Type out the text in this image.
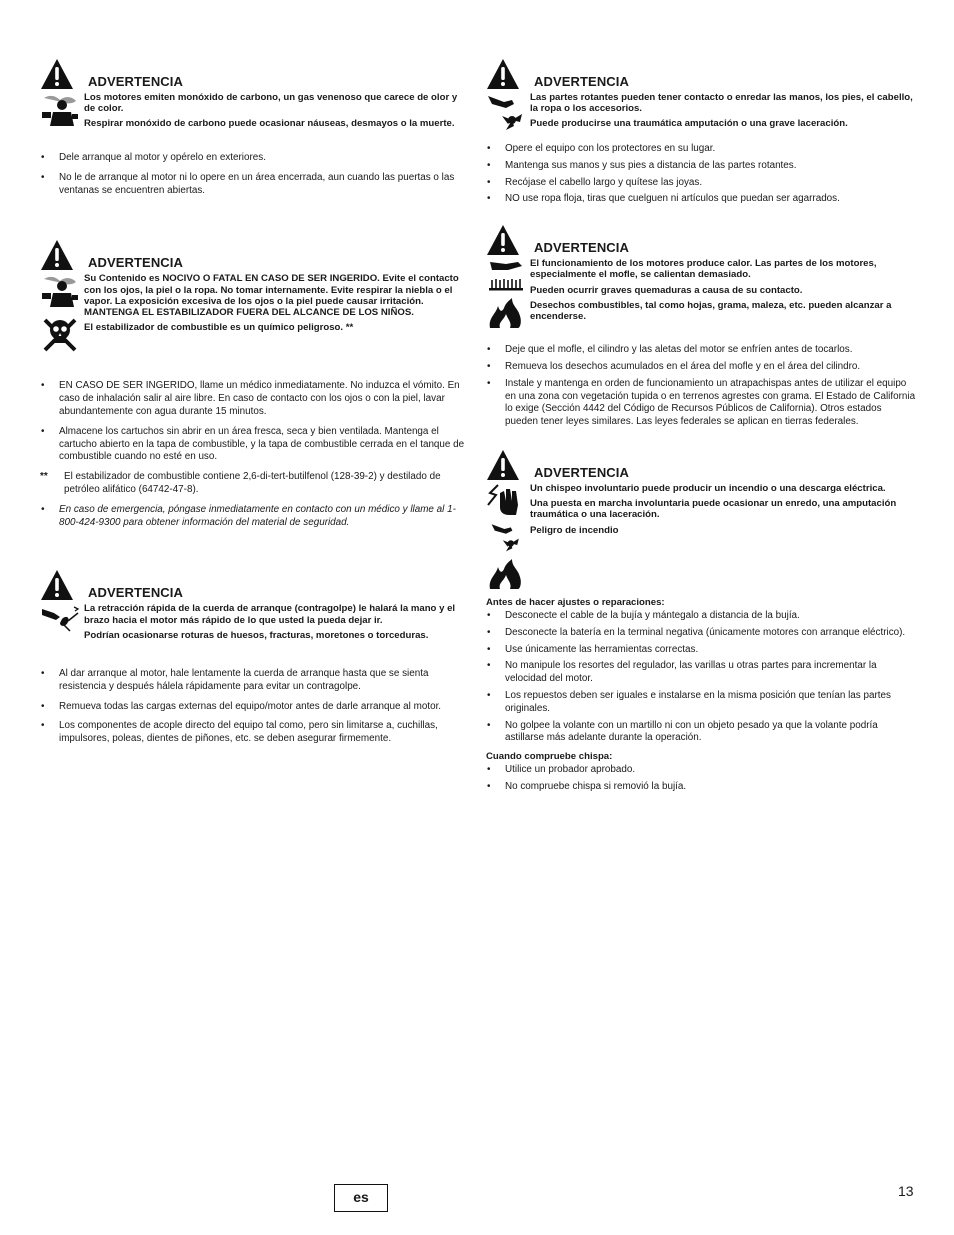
ADVERTENCIA

Los motores emiten monóxido de carbono, un gas venenoso que carece de olor y de color.

Respirar monóxido de carbono puede ocasionar náuseas, desmayos o la muerte.

• Dele arranque al motor y opérelo en exteriores.
• No le de arranque al motor ni lo opere en un área encerrada, aun cuando las puertas o las ventanas se encuentren abiertas.
ADVERTENCIA

Su Contenido es NOCIVO O FATAL EN CASO DE SER INGERIDO. Evite el contacto con los ojos, la piel o la ropa. No tomar internamente. Evite respirar la niebla o el vapor. La exposición excesiva de los ojos o la piel puede causar irritación. MANTENGA EL ESTABILIZADOR FUERA DEL ALCANCE DE LOS NIÑOS.

El estabilizador de combustible es un químico peligroso. **

• EN CASO DE SER INGERIDO, llame un médico inmediatamente. No induzca el vómito. En caso de inhalación salir al aire libre. En caso de contacto con los ojos o con la piel, lavar abundantemente con agua durante 15 minutos.
• Almacene los cartuchos sin abrir en un área fresca, seca y bien ventilada. Mantenga el cartucho abierto en la tapa de combustible, y la tapa de combustible cerrada en el tanque de combustible cuando no esté en uso.
** El estabilizador de combustible contiene 2,6-di-tert-butilfenol (128-39-2) y destilado de petróleo alifático (64742-47-8).
• En caso de emergencia, póngase inmediatamente en contacto con un médico y llame al 1-800-424-9300 para obtener información del material de seguridad.
ADVERTENCIA

La retracción rápida de la cuerda de arranque (contragolpe) le halará la mano y el brazo hacia el motor más rápido de lo que usted la pueda dejar ir.

Podrían ocasionarse roturas de huesos, fracturas, moretones o torceduras.

• Al dar arranque al motor, hale lentamente la cuerda de arranque hasta que se sienta resistencia y después hálela rápidamente para evitar un contragolpe.
• Remueva todas las cargas externas del equipo/motor antes de darle arranque al motor.
• Los componentes de acople directo del equipo tal como, pero sin limitarse a, cuchillas, impulsores, poleas, dientes de piñones, etc. se deben asegurar firmemente.
ADVERTENCIA

Las partes rotantes pueden tener contacto o enredar las manos, los pies, el cabello, la ropa o los accesorios.

Puede producirse una traumática amputación o una grave laceración.

• Opere el equipo con los protectores en su lugar.
• Mantenga sus manos y sus pies a distancia de las partes rotantes.
• Recójase el cabello largo y quítese las joyas.
• NO use ropa floja, tiras que cuelguen ni artículos que puedan ser agarrados.
ADVERTENCIA

El funcionamiento de los motores produce calor. Las partes de los motores, especialmente el mofle, se calientan demasiado.

Pueden ocurrir graves quemaduras a causa de su contacto.

Desechos combustibles, tal como hojas, grama, maleza, etc. pueden alcanzar a encenderse.

• Deje que el mofle, el cilindro y las aletas del motor se enfríen antes de tocarlos.
• Remueva los desechos acumulados en el área del mofle y en el área del cilindro.
• Instale y mantenga en orden de funcionamiento un atrapachispas antes de utilizar el equipo en una zona con vegetación tupida o en terrenos agrestes con grama. El Estado de California lo exige (Sección 4442 del Código de Recursos Públicos de California). Otros estados pueden tener leyes similares. Las leyes federales se aplican en tierras federales.
ADVERTENCIA

Un chispeo involuntario puede producir un incendio o una descarga eléctrica.

Una puesta en marcha involuntaria puede ocasionar un enredo, una amputación traumática o una laceración.

Peligro de incendio

Antes de hacer ajustes o reparaciones:

• Desconecte el cable de la bujía y mántegalo a distancia de la bujía.
• Desconecte la batería en la terminal negativa (únicamente motores con arranque eléctrico).
• Use únicamente las herramientas correctas.
• No manipule los resortes del regulador, las varillas u otras partes para incrementar la velocidad del motor.
• Los repuestos deben ser iguales e instalarse en la misma posición que tenían las partes originales.
• No golpee la volante con un martillo ni con un objeto pesado ya que la volante podría astillarse más adelante durante la operación.

Cuando compruebe chispa:

• Utilice un probador aprobado.
• No compruebe chispa si removió la bujía.
es	13
